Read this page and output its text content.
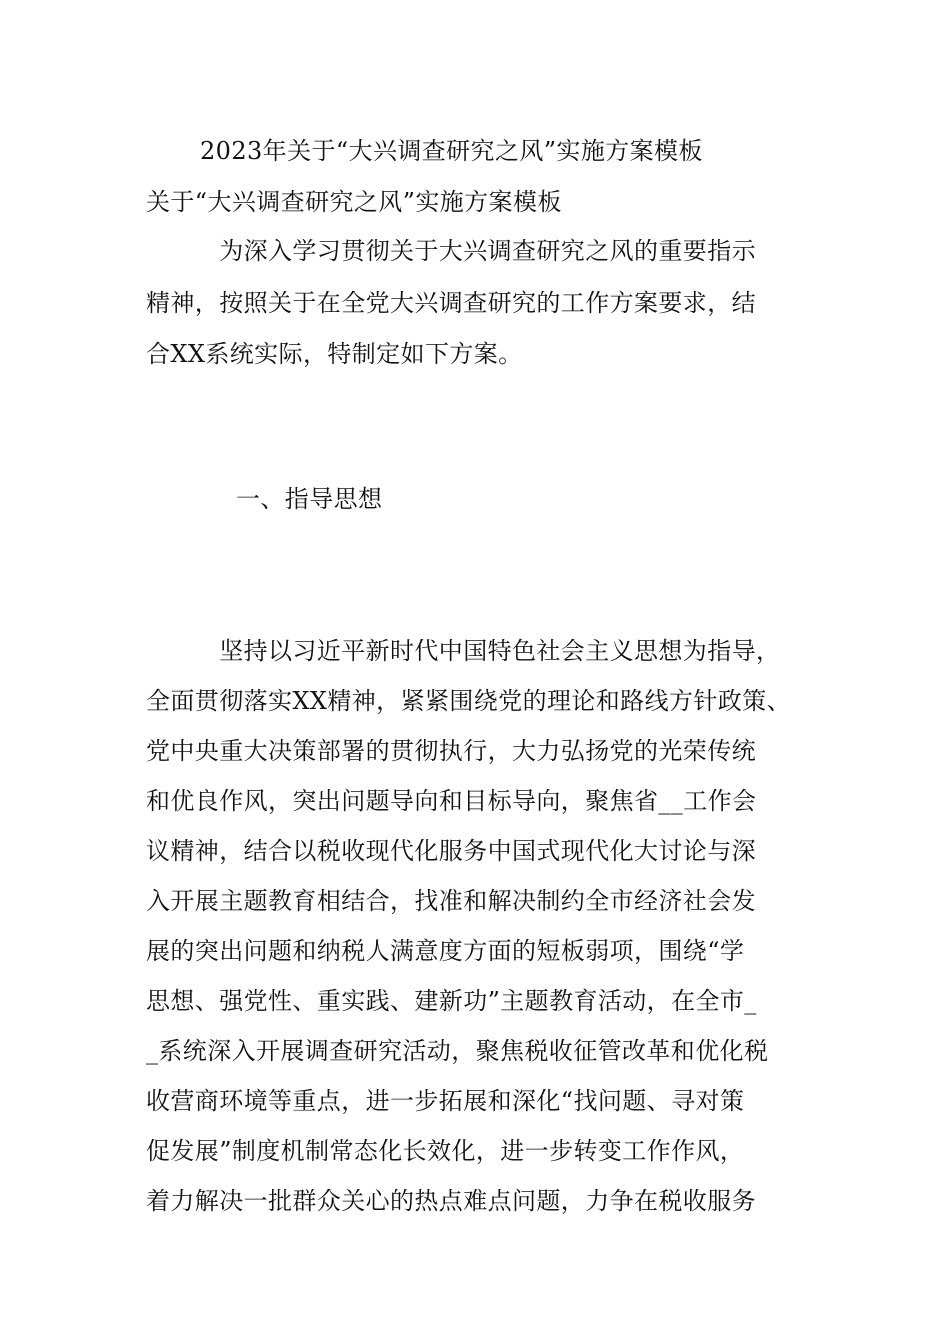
2023年关于“大兴调查研究之风”实施方案模板
关于“大兴调查研究之风”实施方案模板
　　　为深入学习贯彻关于大兴调查研究之风的重要指示
精神，按照关于在全党大兴调查研究的工作方案要求，结
合XX系统实际，特制定如下方案。
一、指导思想
　　　坚持以习近平新时代中国特色社会主义思想为指导，
全面贯彻落实XX精神，紧紧围绕党的理论和路线方针政策、
党中央重大决策部署的贯彻执行，大力弘扬党的光荣传统
和优良作风，突出问题导向和目标导向，聚焦省__工作会
议精神，结合以税收现代化服务中国式现代化大讨论与深
入开展主题教育相结合，找准和解决制约全市经济社会发
展的突出问题和纳税人满意度方面的短板弱项，围绕“学
思想、强党性、重实践、建新功”主题教育活动，在全市_
_系统深入开展调查研究活动，聚焦税收征管改革和优化税
收营商环境等重点，进一步拓展和深化“找问题、寻对策
促发展”制度机制常态化长效化，进一步转变工作作风，
着力解决一批群众关心的热点难点问题，力争在税收服务
